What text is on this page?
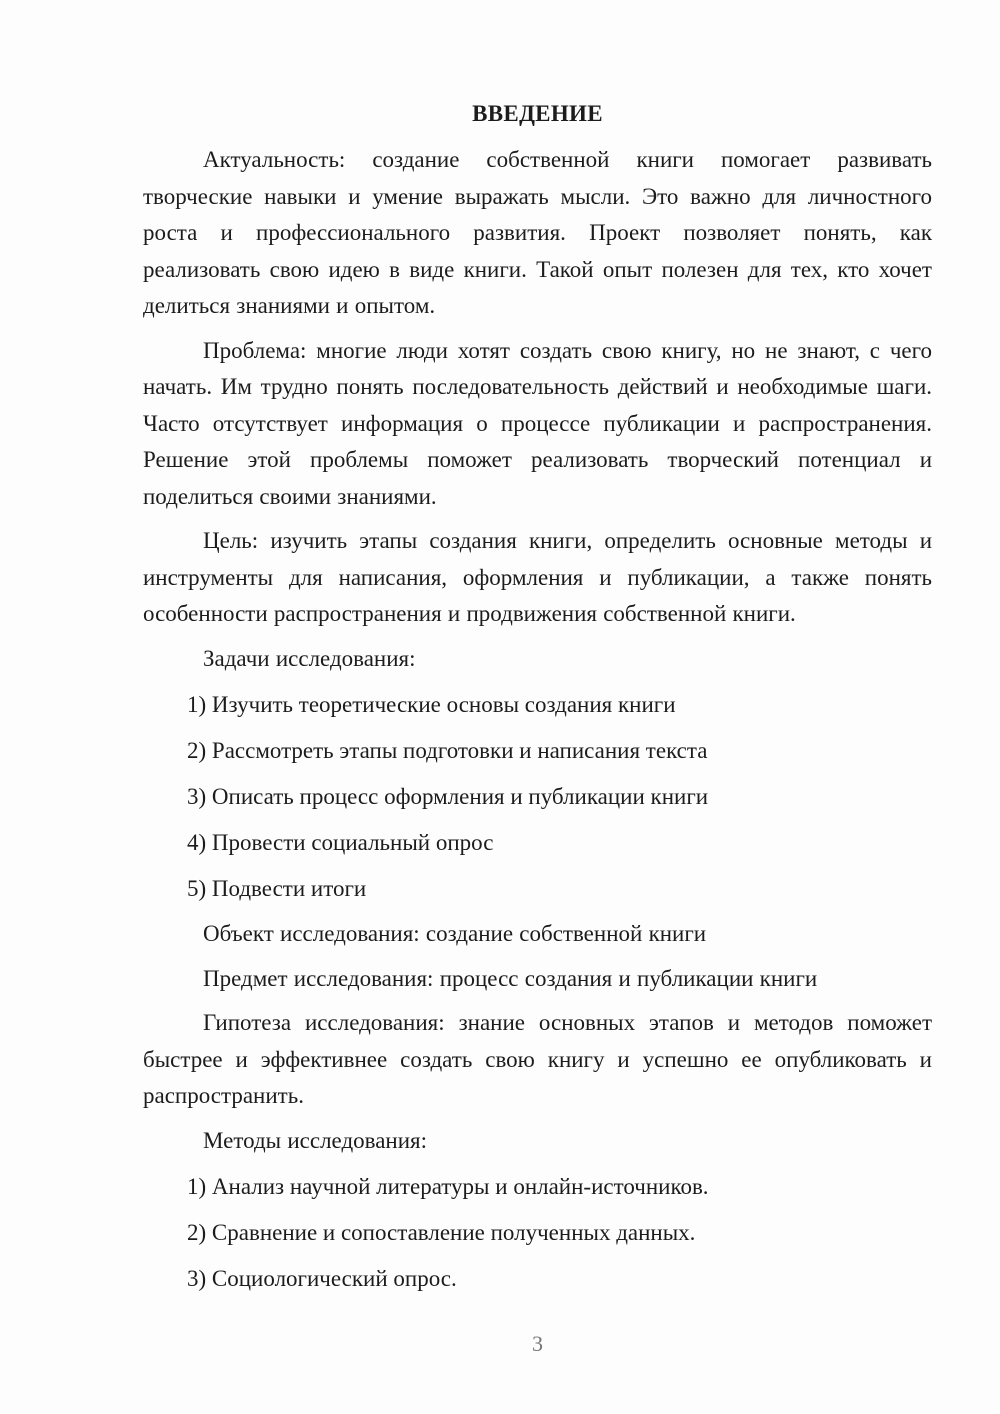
ВВЕДЕНИЕ

Актуальность: создание собственной книги помогает развивать творческие навыки и умение выражать мысли. Это важно для личностного роста и профессионального развития. Проект позволяет понять, как реализовать свою идею в виде книги. Такой опыт полезен для тех, кто хочет делиться знаниями и опытом.

Проблема: многие люди хотят создать свою книгу, но не знают, с чего начать. Им трудно понять последовательность действий и необходимые шаги. Часто отсутствует информация о процессе публикации и распространения. Решение этой проблемы поможет реализовать творческий потенциал и поделиться своими знаниями.

Цель: изучить этапы создания книги, определить основные методы и инструменты для написания, оформления и публикации, а также понять особенности распространения и продвижения собственной книги.

Задачи исследования:

1) Изучить теоретические основы создания книги

2) Рассмотреть этапы подготовки и написания текста

3) Описать процесс оформления и публикации книги

4) Провести социальный опрос

5) Подвести итоги

Объект исследования: создание собственной книги

Предмет исследования: процесс создания и публикации книги

Гипотеза исследования: знание основных этапов и методов поможет быстрее и эффективнее создать свою книгу и успешно ее опубликовать и распространить.

Методы исследования:

1) Анализ научной литературы и онлайн-источников.

2) Сравнение и сопоставление полученных данных.

3) Социологический опрос.

3
